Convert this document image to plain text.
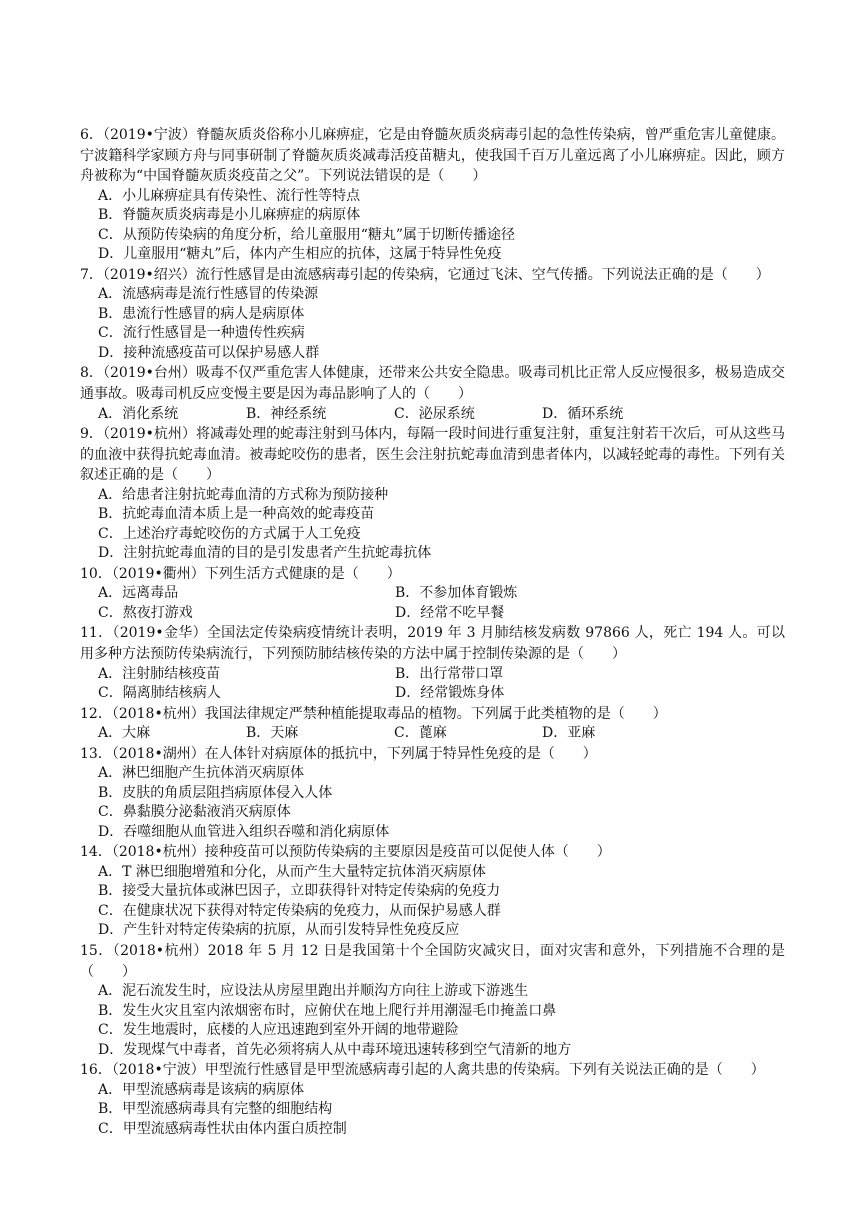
6．（2019•宁波）脊髓灰质炎俗称小儿麻痹症，它是由脊髓灰质炎病毒引起的急性传染病，曾严重危害儿童健康。宁波籍科学家顾方舟与同事研制了脊髓灰质炎减毒活疫苗糖丸，使我国千百万儿童远离了小儿麻痹症。因此，顾方舟被称为“中国脊髓灰质炎疫苗之父”。下列说法错误的是（　　）

A．小儿麻痹症具有传染性、流行性等特点
B．脊髓灰质炎病毒是小儿麻痹症的病原体
C．从预防传染病的角度分析，给儿童服用“糖丸”属于切断传播途径
D．儿童服用“糖丸”后，体内产生相应的抗体，这属于特异性免疫

7．（2019•绍兴）流行性感冒是由流感病毒引起的传染病，它通过飞沫、空气传播。下列说法正确的是（　　）

A．流感病毒是流行性感冒的传染源
B．患流行性感冒的病人是病原体
C．流行性感冒是一种遗传性疾病
D．接种流感疫苗可以保护易感人群

8．（2019•台州）吸毒不仅严重危害人体健康，还带来公共安全隐患。吸毒司机比正常人反应慢很多，极易造成交通事故。吸毒司机反应变慢主要是因为毒品影响了人的（　　）

A．消化系统	B．神经系统	C．泌尿系统	D．循环系统

9．（2019•杭州）将减毒处理的蛇毒注射到马体内，每隔一段时间进行重复注射，重复注射若干次后，可从这些马的血液中获得抗蛇毒血清。被毒蛇咬伤的患者，医生会注射抗蛇毒血清到患者体内，以减轻蛇毒的毒性。下列有关叙述正确的是（　　）

A．给患者注射抗蛇毒血清的方式称为预防接种
B．抗蛇毒血清本质上是一种高效的蛇毒疫苗
C．上述治疗毒蛇咬伤的方式属于人工免疫
D．注射抗蛇毒血清的目的是引发患者产生抗蛇毒抗体

10．（2019•衢州）下列生活方式健康的是（　　）

A．远离毒品	B．不参加体育锻炼
C．熬夜打游戏	D．经常不吃早餐

11．（2019•金华）全国法定传染病疫情统计表明，2019 年 3 月肺结核发病数 97866 人，死亡 194 人。可以用多种方法预防传染病流行，下列预防肺结核传染的方法中属于控制传染源的是（　　）

A．注射肺结核疫苗	B．出行常带口罩
C．隔离肺结核病人	D．经常锻炼身体

12．（2018•杭州）我国法律规定严禁种植能提取毒品的植物。下列属于此类植物的是（　　）

A．大麻	B．天麻	C．蓖麻	D．亚麻

13．（2018•湖州）在人体针对病原体的抵抗中，下列属于特异性免疫的是（　　）

A．淋巴细胞产生抗体消灭病原体
B．皮肤的角质层阻挡病原体侵入人体
C．鼻黏膜分泌黏液消灭病原体
D．吞噬细胞从血管进入组织吞噬和消化病原体

14．（2018•杭州）接种疫苗可以预防传染病的主要原因是疫苗可以促使人体（　　）

A．T 淋巴细胞增殖和分化，从而产生大量特定抗体消灭病原体
B．接受大量抗体或淋巴因子，立即获得针对特定传染病的免疫力
C．在健康状况下获得对特定传染病的免疫力，从而保护易感人群
D．产生针对特定传染病的抗原，从而引发特异性免疫反应

15．（2018•杭州）2018 年 5 月 12 日是我国第十个全国防灾减灾日，面对灾害和意外，下列措施不合理的是（　　）

A．泥石流发生时，应设法从房屋里跑出并顺沟方向往上游或下游逃生
B．发生火灾且室内浓烟密布时，应俯伏在地上爬行并用潮湿毛巾掩盖口鼻
C．发生地震时，底楼的人应迅速跑到室外开阔的地带避险
D．发现煤气中毒者，首先必须将病人从中毒环境迅速转移到空气清新的地方

16．（2018•宁波）甲型流行性感冒是甲型流感病毒引起的人禽共患的传染病。下列有关说法正确的是（　　）

A．甲型流感病毒是该病的病原体
B．甲型流感病毒具有完整的细胞结构
C．甲型流感病毒性状由体内蛋白质控制
